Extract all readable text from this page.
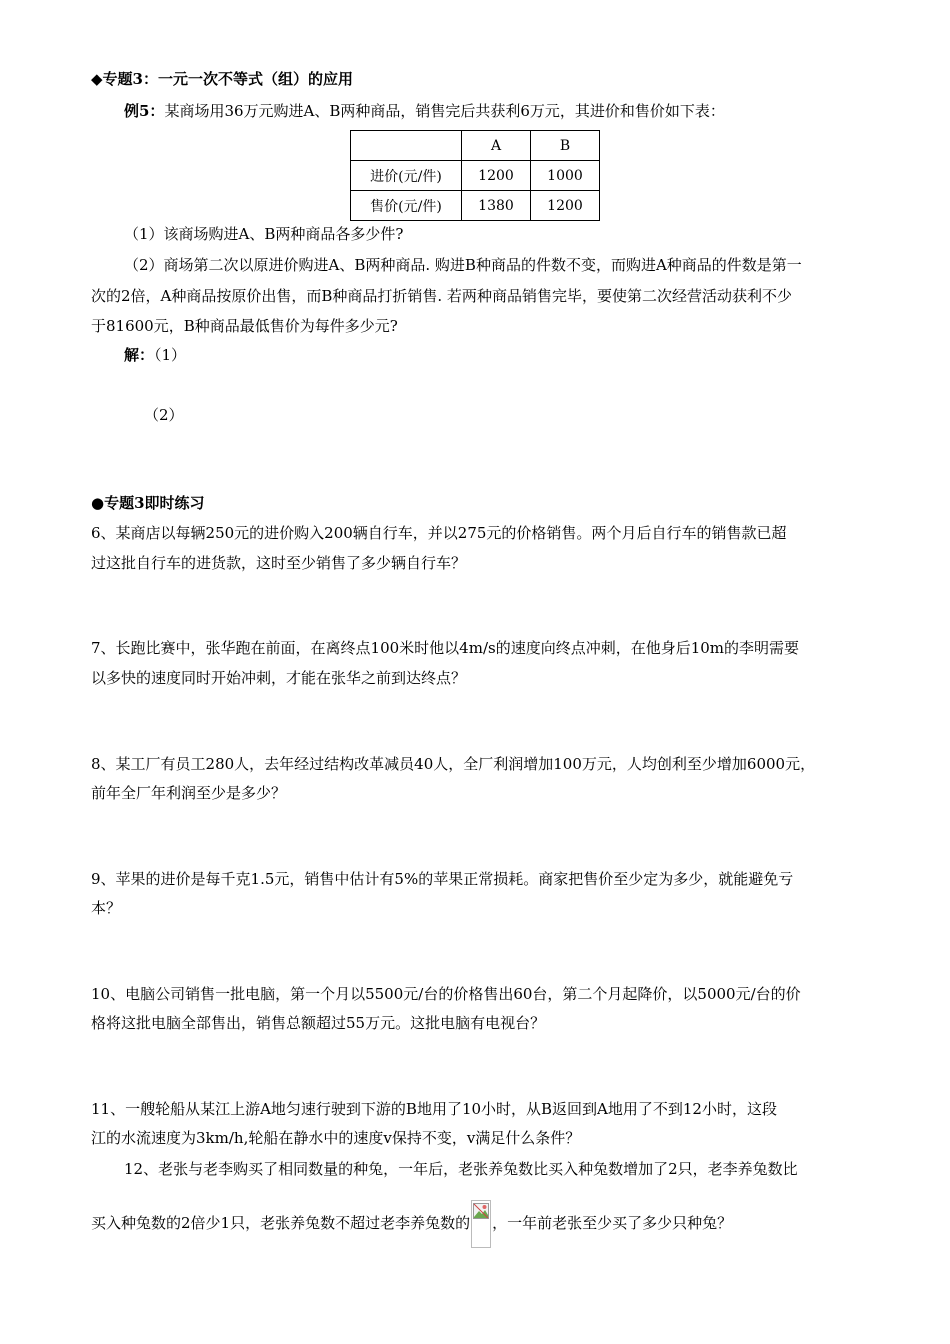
◆专题3：一元一次不等式（组）的应用
例5：某商场用36万元购进A、B两种商品，销售完后共获利6万元，其进价和售价如下表：
	A	B
进价(元/件)	1200	1000
售价(元/件)	1380	1200
（1）该商场购进A、B两种商品各多少件?
（2）商场第二次以原进价购进A、B两种商品. 购进B种商品的件数不变，而购进A种商品的件数是第一
次的2倍，A种商品按原价出售，而B种商品打折销售. 若两种商品销售完毕，要使第二次经营活动获利不少
于81600元，B种商品最低售价为每件多少元?
解：（1）
（2）
●专题3即时练习
6、某商店以每辆250元的进价购入200辆自行车，并以275元的价格销售。两个月后自行车的销售款已超
过这批自行车的进货款，这时至少销售了多少辆自行车？
7、长跑比赛中，张华跑在前面，在离终点100米时他以4m/s的速度向终点冲刺，在他身后10m的李明需要
以多快的速度同时开始冲刺，才能在张华之前到达终点？
8、某工厂有员工280人，去年经过结构改革减员40人，全厂利润增加100万元，人均创利至少增加6000元，
前年全厂年利润至少是多少？
9、苹果的进价是每千克1.5元，销售中估计有5%的苹果正常损耗。商家把售价至少定为多少，就能避免亏
本？
10、电脑公司销售一批电脑，第一个月以5500元/台的价格售出60台，第二个月起降价，以5000元/台的价
格将这批电脑全部售出，销售总额超过55万元。这批电脑有电视台？
11、一艘轮船从某江上游A地匀速行驶到下游的B地用了10小时，从B返回到A地用了不到12小时，这段
江的水流速度为3km/h,轮船在静水中的速度v保持不变，v满足什么条件？
12、老张与老李购买了相同数量的种兔，一年后，老张养兔数比买入种兔数增加了2只，老李养兔数比
买入种兔数的2倍少1只，老张养兔数不超过老李养兔数的 ，一年前老张至少买了多少只种兔？
